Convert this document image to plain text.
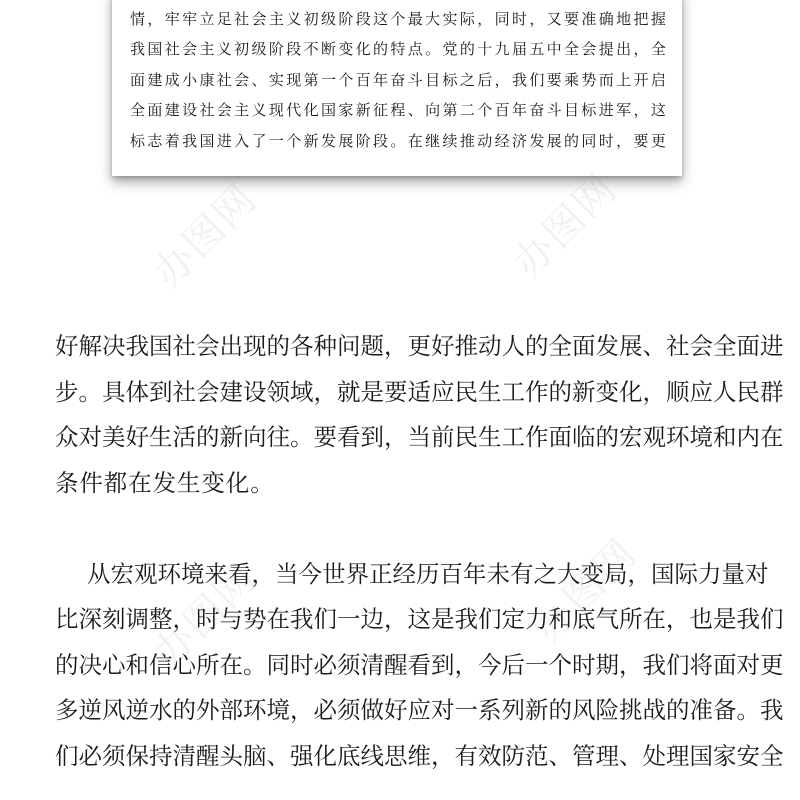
情，牢牢立足社会主义初级阶段这个最大实际，同时，又要准确地把握
我国社会主义初级阶段不断变化的特点。党的十九届五中全会提出，全
面建成小康社会、实现第一个百年奋斗目标之后，我们要乘势而上开启
全面建设社会主义现代化国家新征程、向第二个百年奋斗目标进军，这
标志着我国进入了一个新发展阶段。在继续推动经济发展的同时，要更
办图网	办图网
办图网	办图网
好解决我国社会出现的各种问题，更好推动人的全面发展、社会全面进
步。具体到社会建设领域，就是要适应民生工作的新变化，顺应人民群
众对美好生活的新向往。要看到，当前民生工作面临的宏观环境和内在
条件都在发生变化。
从宏观环境来看，当今世界正经历百年未有之大变局，国际力量对
比深刻调整，时与势在我们一边，这是我们定力和底气所在，也是我们
的决心和信心所在。同时必须清醒看到，今后一个时期，我们将面对更
多逆风逆水的外部环境，必须做好应对一系列新的风险挑战的准备。我
们必须保持清醒头脑、强化底线思维，有效防范、管理、处理国家安全
